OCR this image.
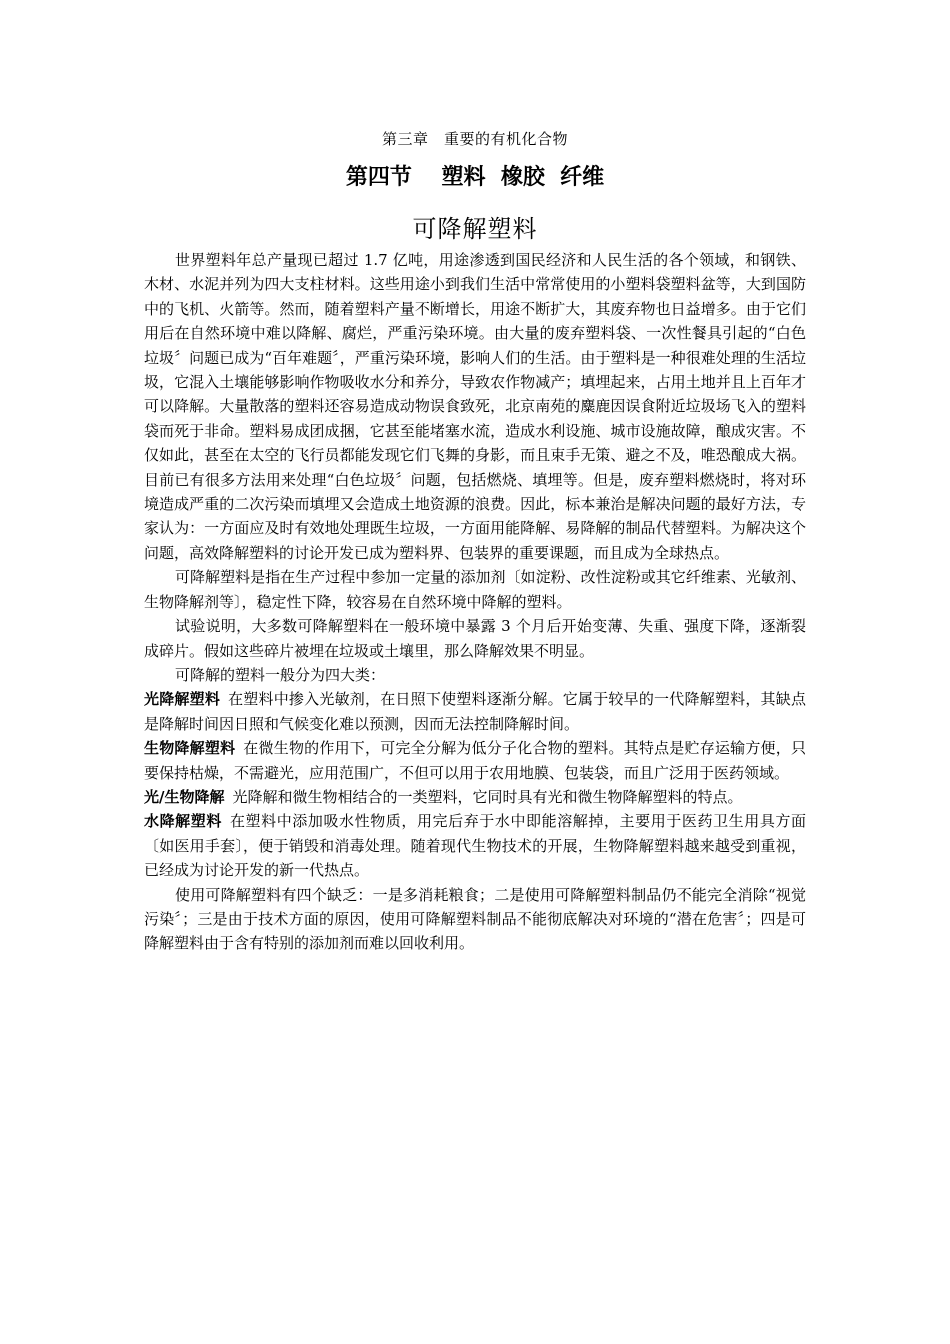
第三章　重要的有机化合物
第四节　 塑料  橡胶  纤维
可降解塑料

世界塑料年总产量现已超过 1.7 亿吨，用途渗透到国民经济和人民生活的各个领域，和钢铁、木材、水泥并列为四大支柱材料。这些用途小到我们生活中常常使用的小塑料袋塑料盆等，大到国防中的飞机、火箭等。然而，随着塑料产量不断增长，用途不断扩大，其废弃物也日益增多。由于它们用后在自然环境中难以降解、腐烂，严重污染环境。由大量的废弃塑料袋、一次性餐具引起的“白色垃圾〞问题已成为“百年难题〞，严重污染环境，影响人们的生活。由于塑料是一种很难处理的生活垃圾，它混入土壤能够影响作物吸收水分和养分，导致农作物减产；填埋起来，占用土地并且上百年才可以降解。大量散落的塑料还容易造成动物误食致死，北京南苑的麋鹿因误食附近垃圾场飞入的塑料袋而死于非命。塑料易成团成捆，它甚至能堵塞水流，造成水利设施、城市设施故障，酿成灾害。不仅如此，甚至在太空的飞行员都能发现它们飞舞的身影，而且束手无策、避之不及，唯恐酿成大祸。目前已有很多方法用来处理“白色垃圾〞问题，包括燃烧、填埋等。但是，废弃塑料燃烧时，将对环境造成严重的二次污染而填埋又会造成土地资源的浪费。因此，标本兼治是解决问题的最好方法，专家认为：一方面应及时有效地处理既生垃圾，一方面用能降解、易降解的制品代替塑料。为解决这个问题，高效降解塑料的讨论开发已成为塑料界、包装界的重要课题，而且成为全球热点。

可降解塑料是指在生产过程中参加一定量的添加剂〔如淀粉、改性淀粉或其它纤维素、光敏剂、生物降解剂等〕，稳定性下降，较容易在自然环境中降解的塑料。

试验说明，大多数可降解塑料在一般环境中暴露 3 个月后开始变薄、失重、强度下降，逐渐裂成碎片。假如这些碎片被埋在垃圾或土壤里，那么降解效果不明显。

可降解的塑料一般分为四大类：

光降解塑料 在塑料中掺入光敏剂，在日照下使塑料逐渐分解。它属于较早的一代降解塑料，其缺点是降解时间因日照和气候变化难以预测，因而无法控制降解时间。

生物降解塑料 在微生物的作用下，可完全分解为低分子化合物的塑料。其特点是贮存运输方便，只要保持枯燥，不需避光，应用范围广，不但可以用于农用地膜、包装袋，而且广泛用于医药领域。

光/生物降解 光降解和微生物相结合的一类塑料，它同时具有光和微生物降解塑料的特点。

水降解塑料 在塑料中添加吸水性物质，用完后弃于水中即能溶解掉，主要用于医药卫生用具方面〔如医用手套〕，便于销毁和消毒处理。随着现代生物技术的开展，生物降解塑料越来越受到重视，已经成为讨论开发的新一代热点。

使用可降解塑料有四个缺乏：一是多消耗粮食；二是使用可降解塑料制品仍不能完全消除“视觉污染〞；三是由于技术方面的原因，使用可降解塑料制品不能彻底解决对环境的“潜在危害〞；四是可降解塑料由于含有特别的添加剂而难以回收利用。
